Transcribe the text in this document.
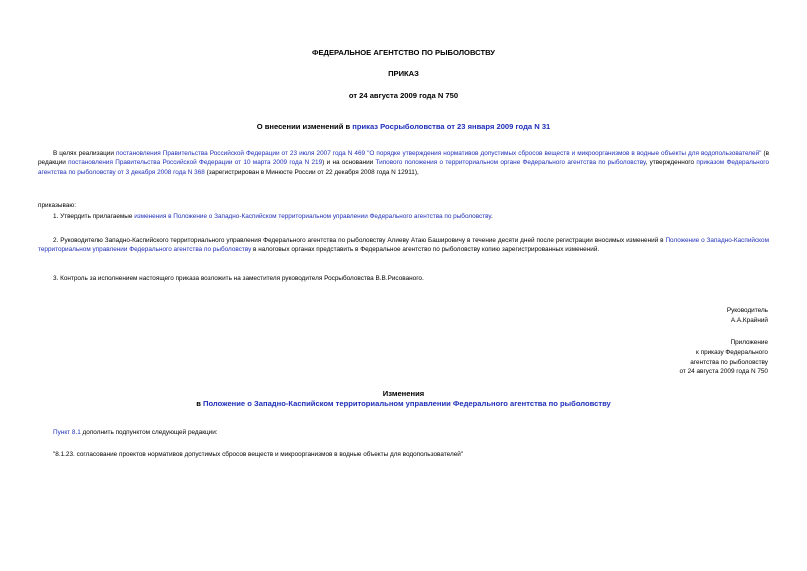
ФЕДЕРАЛЬНОЕ АГЕНТСТВО ПО РЫБОЛОВСТВУ
ПРИКАЗ
от 24 августа 2009 года N 750
О внесении изменений в приказ Росрыболовства от 23 января 2009 года N 31
В целях реализации постановления Правительства Российской Федерации от 23 июля 2007 года N 469 "О порядке утверждения нормативов допустимых сбросов веществ и микроорганизмов в водные объекты для водопользователей" (в редакции постановления Правительства Российской Федерации от 10 марта 2009 года N 219) и на основании Типового положения о территориальном органе Федерального агентства по рыболовству, утвержденного приказом Федерального агентства по рыболовству от 3 декабря 2008 года N 368 (зарегистрирован в Минюсте России от 22 декабря 2008 года N 12911),
приказываю:
1. Утвердить прилагаемые изменения в Положение о Западно-Каспийском территориальном управлении Федерального агентства по рыболовству.
2. Руководителю Западно-Каспийского территориального управления Федерального агентства по рыболовству Алиеву Атаю Башировичу в течение десяти дней после регистрации вносимых изменений в Положение о Западно-Каспийском территориальном управлении Федерального агентства по рыболовству в налоговых органах представить в Федеральное агентство по рыболовству копию зарегистрированных изменений.
3. Контроль за исполнением настоящего приказа возложить на заместителя руководителя Росрыболовства В.В.Рисованого.
Руководитель
А.А.Крайний
Приложение
к приказу Федерального
агентства по рыболовству
от 24 августа 2009 года N 750
Изменения
в Положение о Западно-Каспийском территориальном управлении Федерального агентства по рыболовству
Пункт 8.1 дополнить подпунктом следующей редакции:
"8.1.23. согласование проектов нормативов допустимых сбросов веществ и микроорганизмов в водные объекты для водопользователей"
